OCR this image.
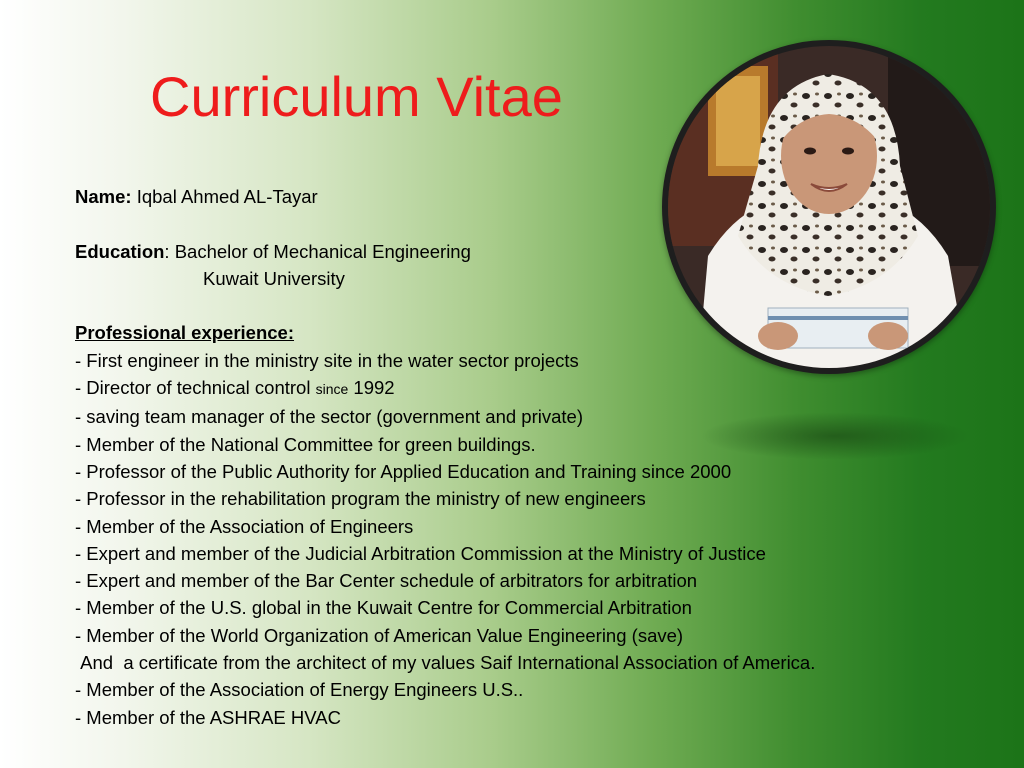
Curriculum Vitae
Name: Iqbal Ahmed AL-Tayar
Education: Bachelor of Mechanical Engineering
Kuwait University
Professional experience:
- First engineer in the ministry site in the water sector projects
- Director of technical control since 1992
- saving team manager of the sector (government and private)
- Member of the National Committee for green buildings.
- Professor of the Public Authority for Applied Education and Training since 2000
- Professor in the rehabilitation program the ministry of new engineers
- Member of the Association of Engineers
- Expert and member of the Judicial Arbitration Commission at the Ministry of Justice
- Expert and member of the Bar Center schedule of arbitrators for arbitration
- Member of the U.S. global in the Kuwait Centre for Commercial Arbitration
- Member of the World Organization of American Value Engineering (save)
And  a certificate from the architect of my values Saif International Association of America.
- Member of the Association of Energy Engineers U.S..
- Member of the ASHRAE HVAC
